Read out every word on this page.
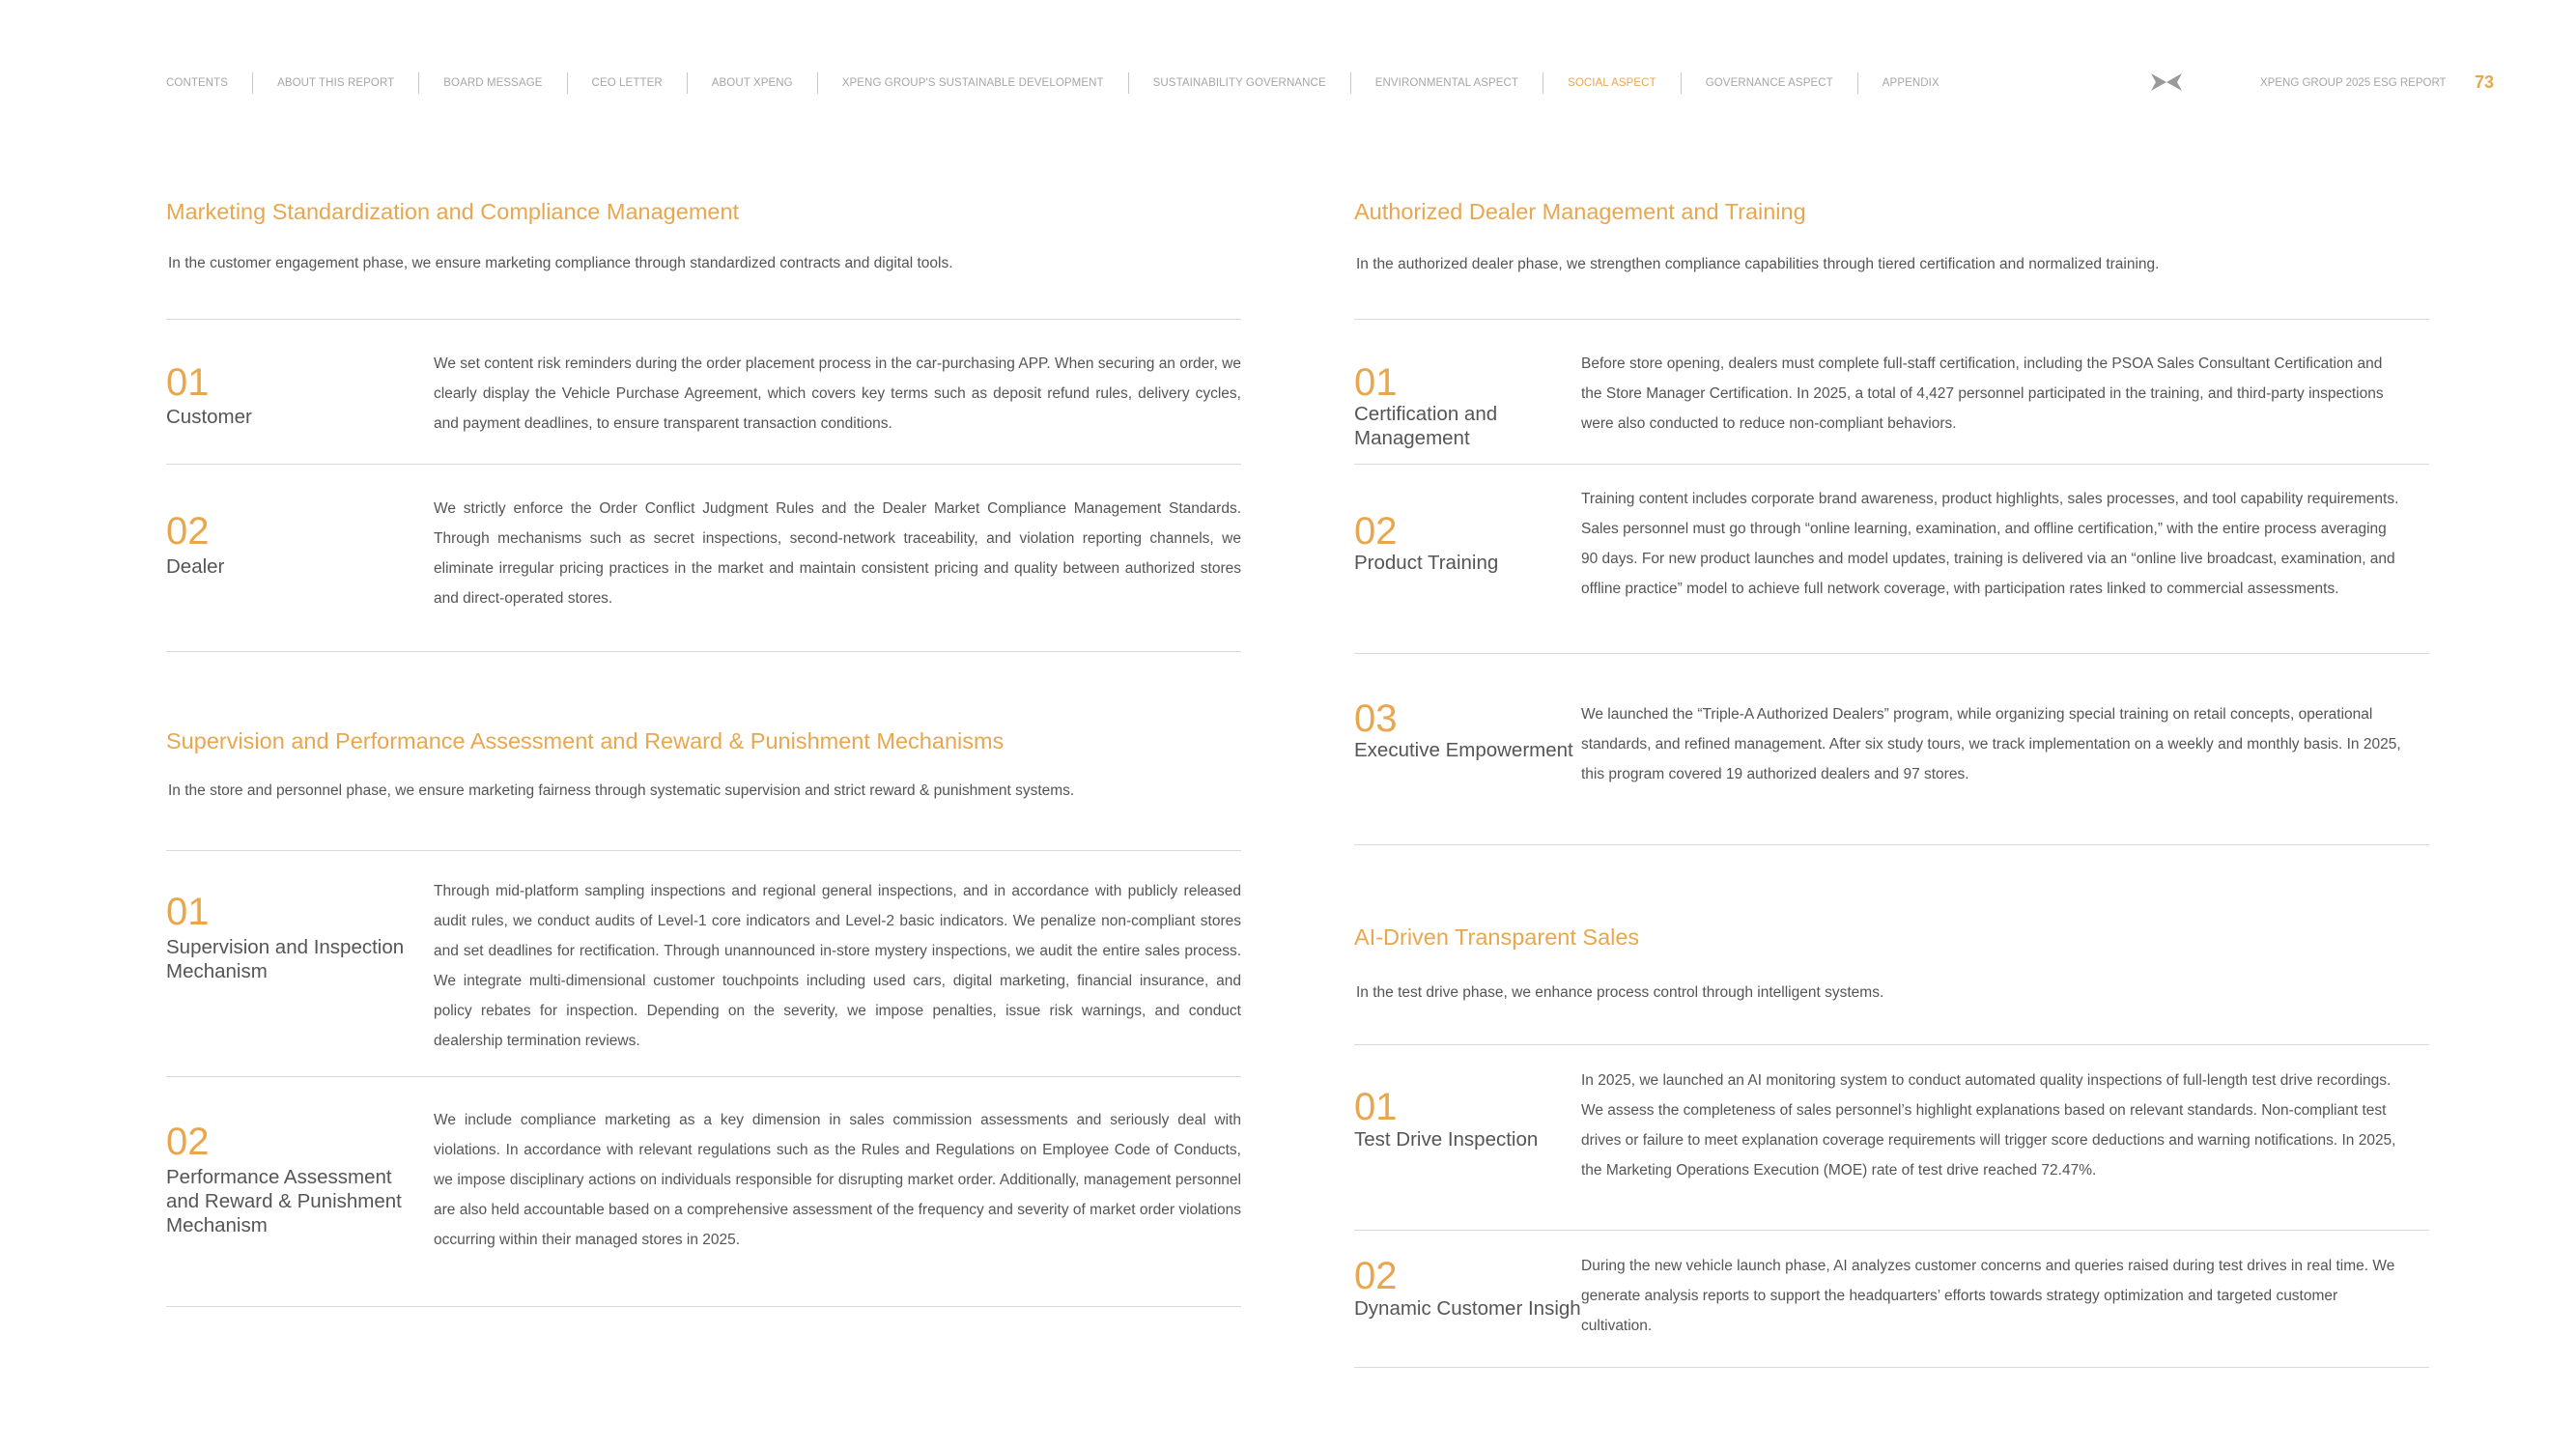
CONTENTS	ABOUT THIS REPORT	BOARD MESSAGE	CEO LETTER	ABOUT XPENG	XPENG GROUP'S SUSTAINABLE DEVELOPMENT	SUSTAINABILITY GOVERNANCE	ENVIRONMENTAL ASPECT	SOCIAL ASPECT	GOVERNANCE ASPECT	APPENDIX	XPENG GROUP 2025 ESG REPORT 73
Marketing Standardization and Compliance Management

In the customer engagement phase, we ensure marketing compliance through standardized contracts and digital tools.

01
Customer

We set content risk reminders during the order placement process in the car-purchasing APP. When securing an order, we clearly display the Vehicle Purchase Agreement, which covers key terms such as deposit refund rules, delivery cycles, and payment deadlines, to ensure transparent transaction conditions.

02
Dealer

We strictly enforce the Order Conflict Judgment Rules and the Dealer Market Compliance Management Standards. Through mechanisms such as secret inspections, second-network traceability, and violation reporting channels, we eliminate irregular pricing practices in the market and maintain consistent pricing and quality between authorized stores and direct-operated stores.

Supervision and Performance Assessment and Reward & Punishment Mechanisms

In the store and personnel phase, we ensure marketing fairness through systematic supervision and strict reward & punishment systems.

01
Supervision and Inspection Mechanism

Through mid-platform sampling inspections and regional general inspections, and in accordance with publicly released audit rules, we conduct audits of Level-1 core indicators and Level-2 basic indicators. We penalize non-compliant stores and set deadlines for rectification. Through unannounced in-store mystery inspections, we audit the entire sales process. We integrate multi-dimensional customer touchpoints including used cars, digital marketing, financial insurance, and policy rebates for inspection. Depending on the severity, we impose penalties, issue risk warnings, and conduct dealership termination reviews.

02
Performance Assessment and Reward & Punishment Mechanism

We include compliance marketing as a key dimension in sales commission assessments and seriously deal with violations. In accordance with relevant regulations such as the Rules and Regulations on Employee Code of Conducts, we impose disciplinary actions on individuals responsible for disrupting market order. Additionally, management personnel are also held accountable based on a comprehensive assessment of the frequency and severity of market order violations occurring within their managed stores in 2025.

Authorized Dealer Management and Training

In the authorized dealer phase, we strengthen compliance capabilities through tiered certification and normalized training.

01
Certification and Management

Before store opening, dealers must complete full-staff certification, including the PSOA Sales Consultant Certification and the Store Manager Certification. In 2025, a total of 4,427 personnel participated in the training, and third-party inspections were also conducted to reduce non-compliant behaviors.

02
Product Training

Training content includes corporate brand awareness, product highlights, sales processes, and tool capability requirements. Sales personnel must go through “online learning, examination, and offline certification,” with the entire process averaging 90 days. For new product launches and model updates, training is delivered via an “online live broadcast, examination, and offline practice” model to achieve full network coverage, with participation rates linked to commercial assessments.

03
Executive Empowerment

We launched the “Triple-A Authorized Dealers” program, while organizing special training on retail concepts, operational standards, and refined management. After six study tours, we track implementation on a weekly and monthly basis. In 2025, this program covered 19 authorized dealers and 97 stores.

AI-Driven Transparent Sales

In the test drive phase, we enhance process control through intelligent systems.

01
Test Drive Inspection

In 2025, we launched an AI monitoring system to conduct automated quality inspections of full-length test drive recordings. We assess the completeness of sales personnel’s highlight explanations based on relevant standards. Non-compliant test drives or failure to meet explanation coverage requirements will trigger score deductions and warning notifications. In 2025, the Marketing Operations Execution (MOE) rate of test drive reached 72.47%.

02
Dynamic Customer Insigh

During the new vehicle launch phase, AI analyzes customer concerns and queries raised during test drives in real time. We generate analysis reports to support the headquarters’ efforts towards strategy optimization and targeted customer cultivation.
